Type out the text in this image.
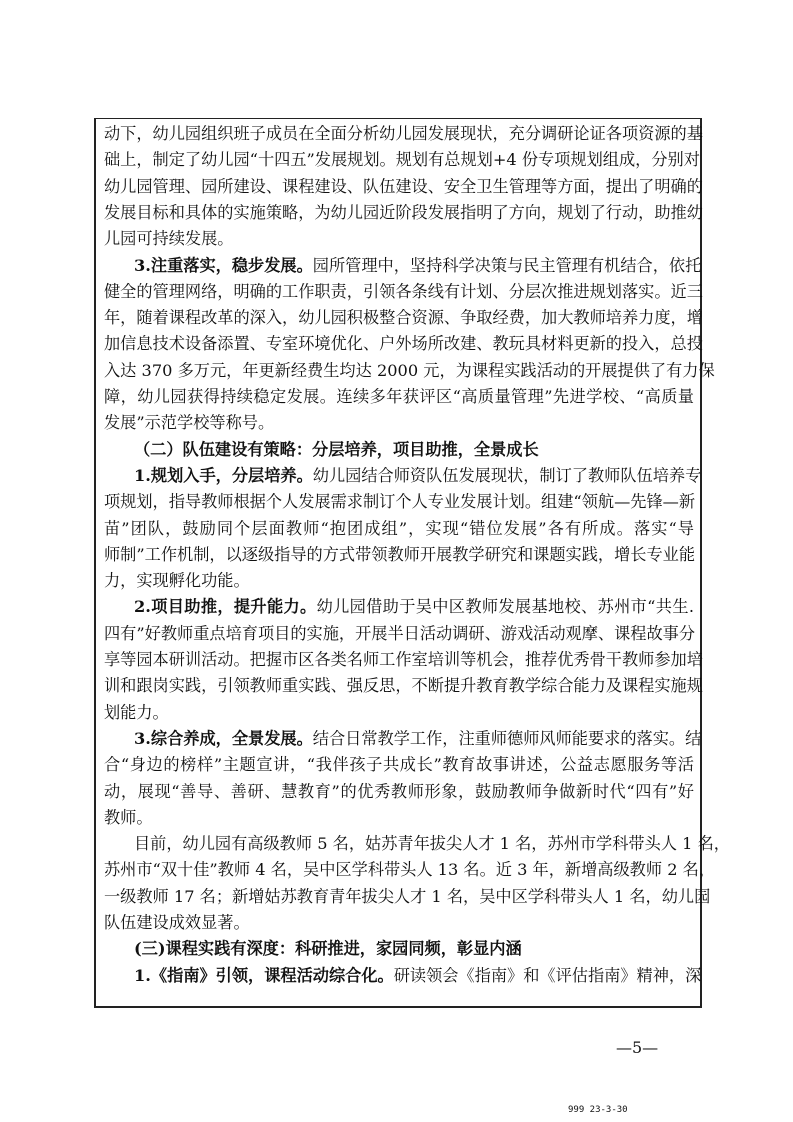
动下，幼儿园组织班子成员在全面分析幼儿园发展现状，充分调研论证各项资源的基
础上，制定了幼儿园“十四五”发展规划。规划有总规划+4 份专项规划组成，分别对
幼儿园管理、园所建设、课程建设、队伍建设、安全卫生管理等方面，提出了明确的
发展目标和具体的实施策略，为幼儿园近阶段发展指明了方向，规划了行动，助推幼
儿园可持续发展。
3.注重落实，稳步发展。园所管理中，坚持科学决策与民主管理有机结合，依托
健全的管理网络，明确的工作职责，引领各条线有计划、分层次推进规划落实。近三
年，随着课程改革的深入，幼儿园积极整合资源、争取经费，加大教师培养力度，增
加信息技术设备添置、专室环境优化、户外场所改建、教玩具材料更新的投入，总投
入达 370 多万元，年更新经费生均达 2000 元，为课程实践活动的开展提供了有力保
障，幼儿园获得持续稳定发展。连续多年获评区“高质量管理”先进学校、“高质量
发展”示范学校等称号。
（二）队伍建设有策略：分层培养，项目助推，全景成长
1.规划入手，分层培养。幼儿园结合师资队伍发展现状，制订了教师队伍培养专
项规划，指导教师根据个人发展需求制订个人专业发展计划。组建“领航—先锋—新
苗”团队，鼓励同个层面教师“抱团成组”，实现“错位发展”各有所成。落实“导
师制”工作机制，以逐级指导的方式带领教师开展教学研究和课题实践，增长专业能
力，实现孵化功能。
2.项目助推，提升能力。幼儿园借助于吴中区教师发展基地校、苏州市“共生.
四有”好教师重点培育项目的实施，开展半日活动调研、游戏活动观摩、课程故事分
享等园本研训活动。把握市区各类名师工作室培训等机会，推荐优秀骨干教师参加培
训和跟岗实践，引领教师重实践、强反思，不断提升教育教学综合能力及课程实施规
划能力。
3.综合养成，全景发展。结合日常教学工作，注重师德师风师能要求的落实。结
合“身边的榜样”主题宣讲，“我伴孩子共成长”教育故事讲述，公益志愿服务等活
动，展现“善导、善研、慧教育”的优秀教师形象，鼓励教师争做新时代“四有”好
教师。
目前，幼儿园有高级教师 5 名，姑苏青年拔尖人才 1 名，苏州市学科带头人 1 名，
苏州市“双十佳”教师 4 名，吴中区学科带头人 13 名。近 3 年，新增高级教师 2 名，
一级教师 17 名；新增姑苏教育青年拔尖人才 1 名，吴中区学科带头人 1 名，幼儿园
队伍建设成效显著。
(三)课程实践有深度：科研推进，家园同频，彰显内涵
1.《指南》引领，课程活动综合化。研读领会《指南》和《评估指南》精神，深
—5—
999 23-3-30
